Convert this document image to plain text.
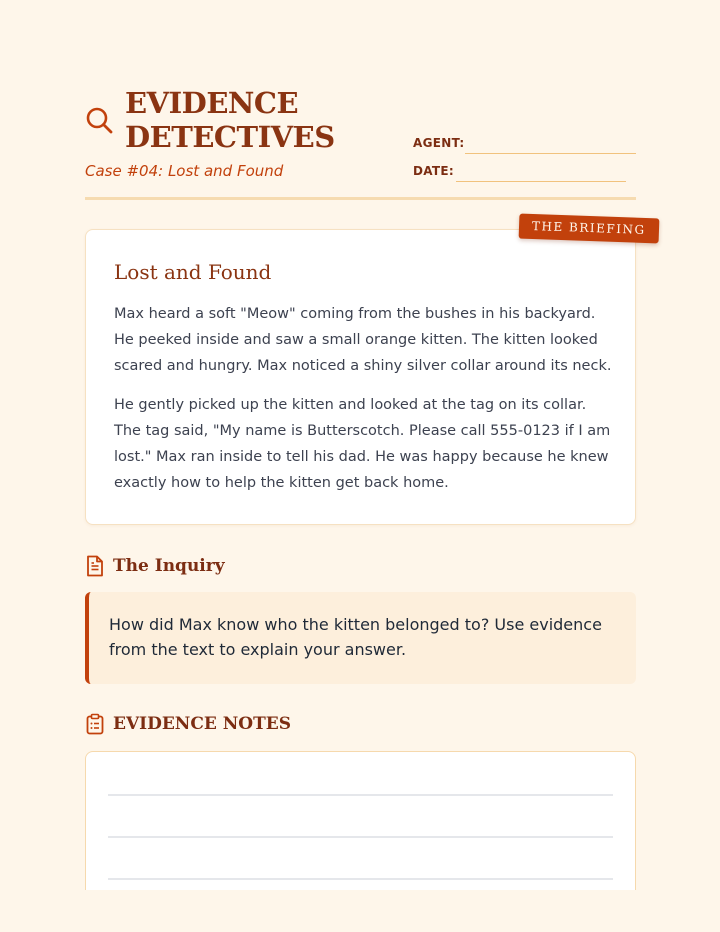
EVIDENCE
DETECTIVES
Case #04: Lost and Found
AGENT:
DATE:
THE BRIEFING
Lost and Found
Max heard a soft "Meow" coming from the bushes in his backyard. He peeked inside and saw a small orange kitten. The kitten looked scared and hungry. Max noticed a shiny silver collar around its neck.
He gently picked up the kitten and looked at the tag on its collar. The tag said, "My name is Butterscotch. Please call 555-0123 if I am lost." Max ran inside to tell his dad. He was happy because he knew exactly how to help the kitten get back home.
The Inquiry
How did Max know who the kitten belonged to? Use evidence from the text to explain your answer.
EVIDENCE NOTES
